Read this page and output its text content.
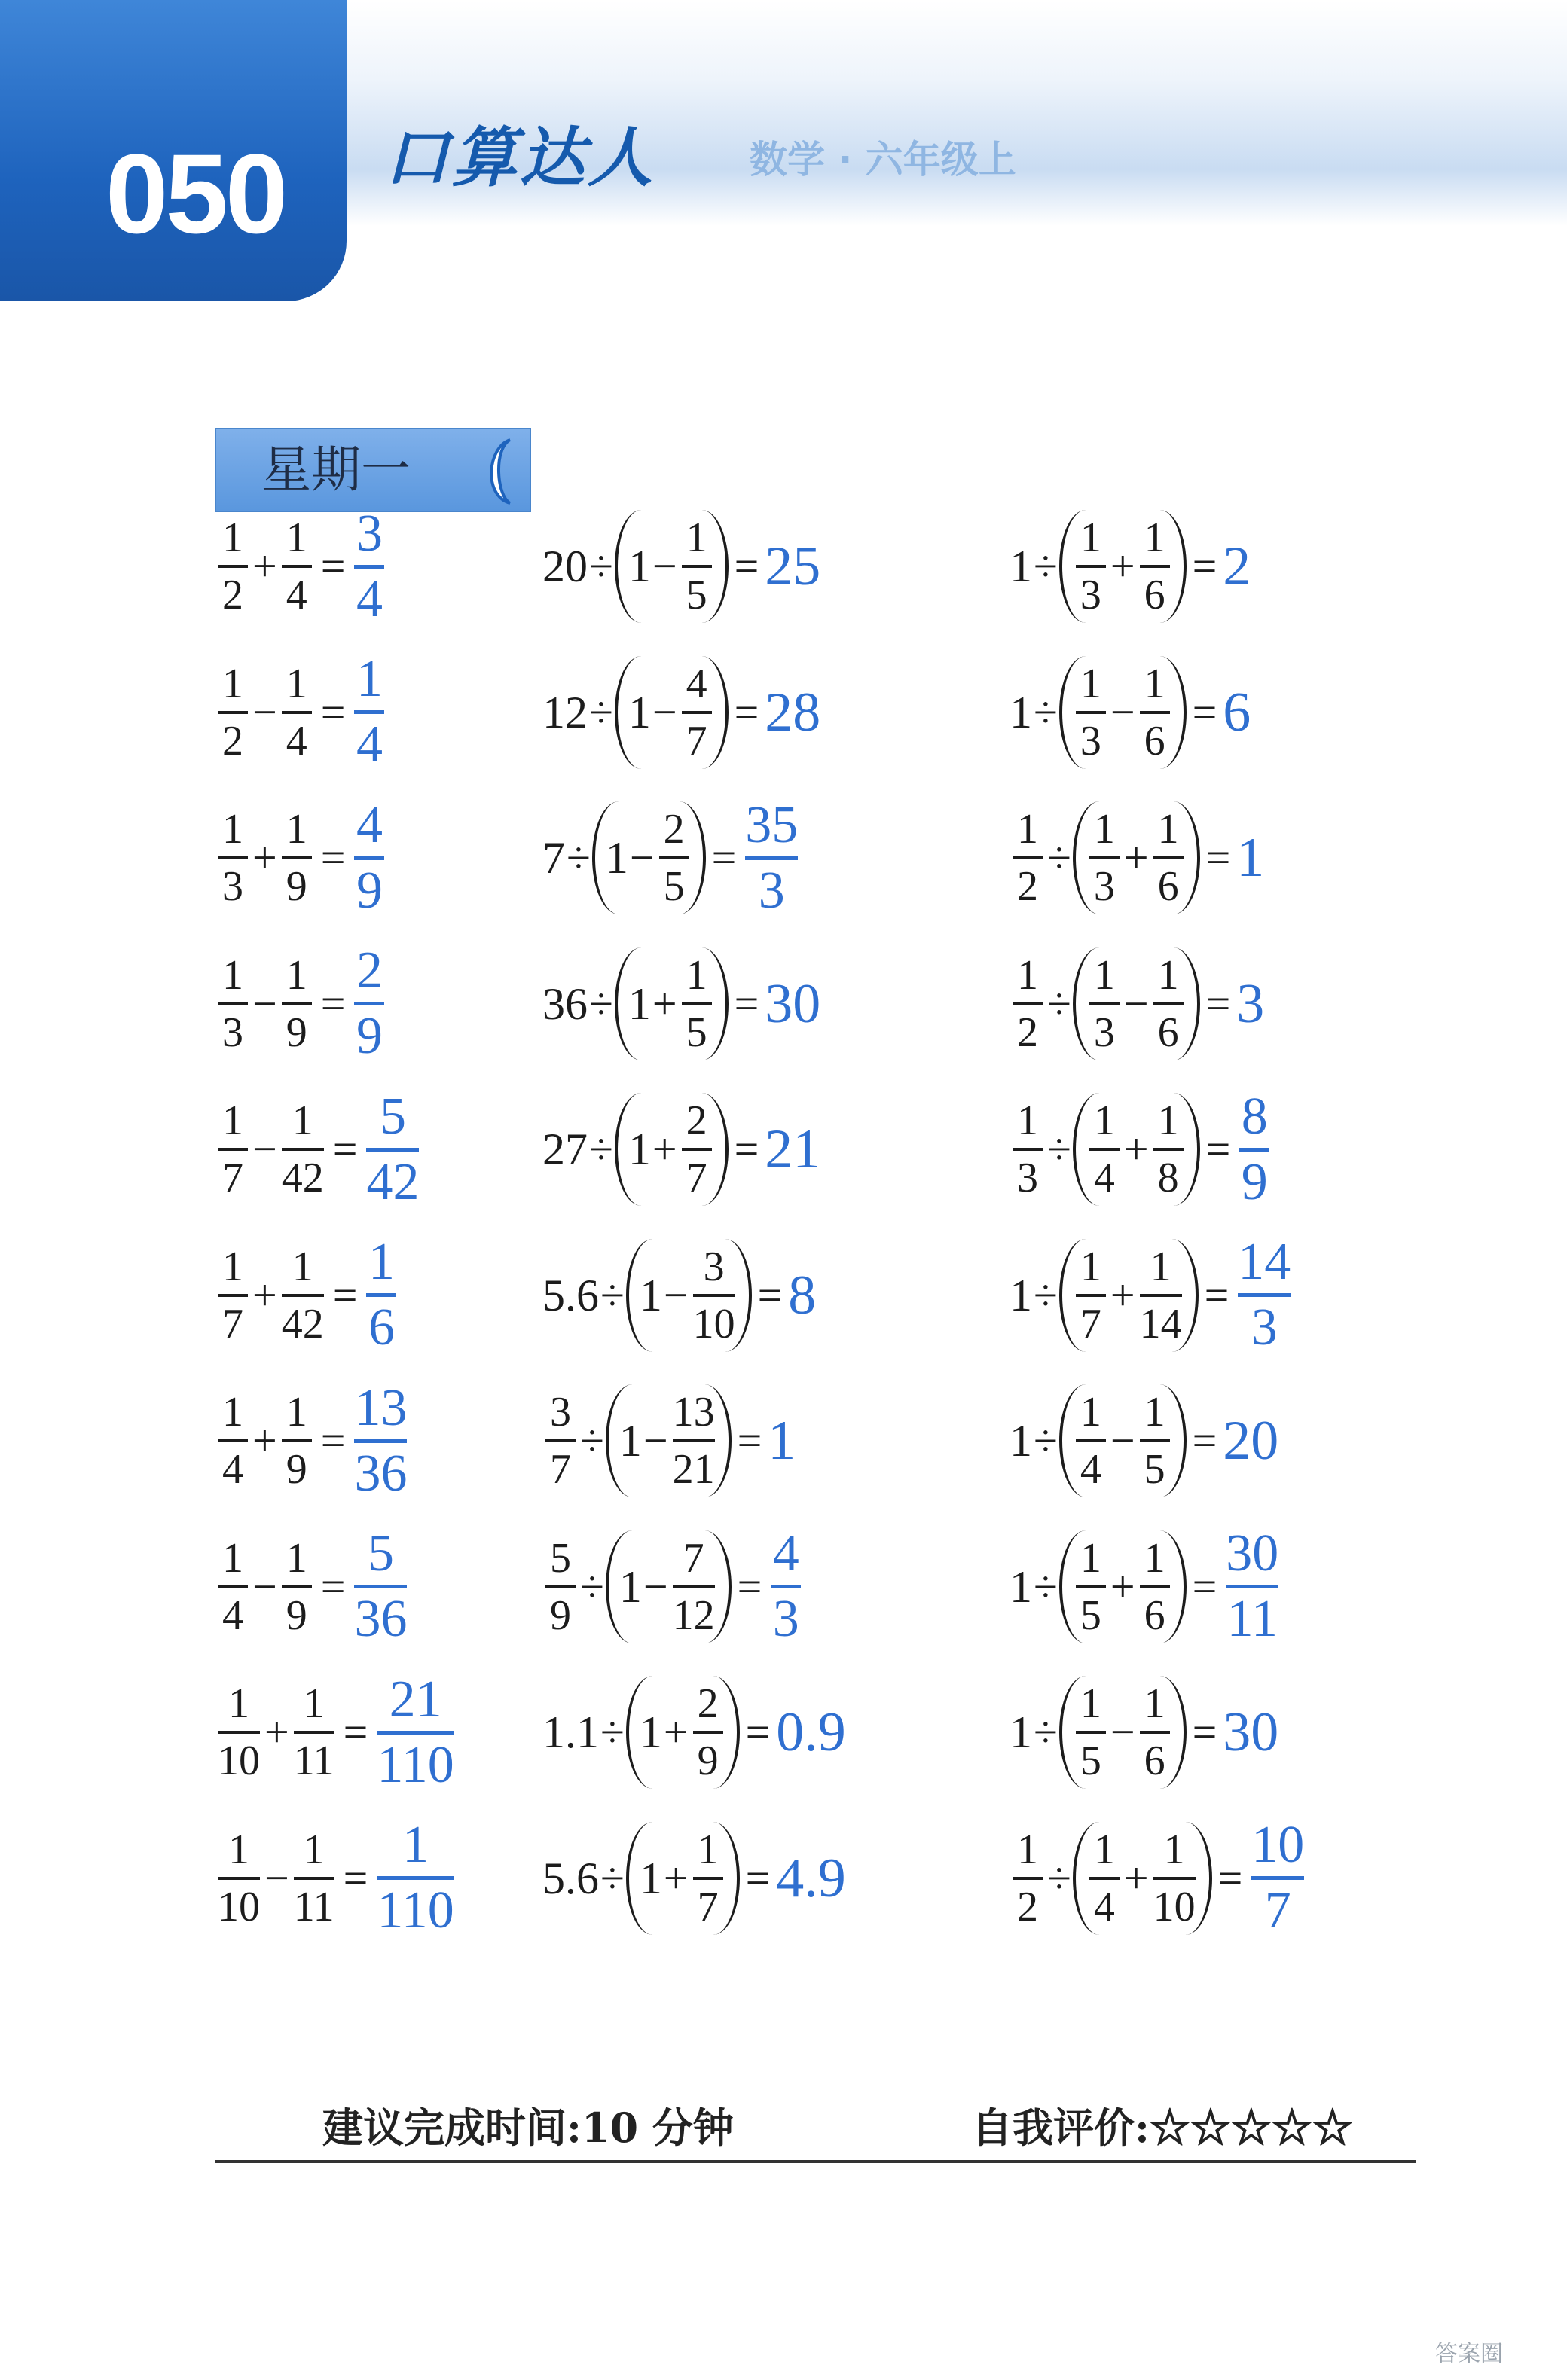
050 口算达人	数学 · 六年级上
星期一
$\frac{1}{2} + \frac{1}{4}$ =
3
4
$\frac{1}{2} - \frac{1}{4}$ =
1
4
$\frac{1}{3} + \frac{1}{9}$ =
4
9
$\frac{1}{3} - \frac{1}{9}$ =
2
9
$\frac{1}{7} - \frac{1}{42}$ =
5
42
$\frac{1}{7} + \frac{1}{42}$ =
1
6
$\frac{1}{4} + \frac{1}{9}$ =
13
36
$\frac{1}{4} - \frac{1}{9}$ =
5
36
$\frac{1}{10} + \frac{1}{11}$ =
21
110
$\frac{1}{10} - \frac{1}{11}$ =
1
110
$20 \div 1 - \frac{1}{5} = 25$
$12 \div 1 - \frac{4}{7} = 28$
$7 \div 1 - \frac{2}{5}$ =
35
3
$36 \div 1 + \frac{1}{5} = 30$
$27 \div 1 + \frac{2}{7} = 21$
$5.6 \div 1 - \frac{3}{10} = 8$
$\frac{3}{7} \div 1 - \frac{13}{21} = 1$
$\frac{5}{9} \div 1 - \frac{7}{12}$ =
4
3
$1.1 \div 1 + \frac{2}{9} = 0.9$
$5.6 \div 1 + \frac{1}{7} = 4.9$
$1 \div \frac{1}{3} + \frac{1}{6} = 2$
$1 \div \frac{1}{3} - \frac{1}{6} = 6$
$\frac{1}{2} \div \frac{1}{3} + \frac{1}{6} = 1$
$\frac{1}{2} \div \frac{1}{3} - \frac{1}{6} = 3$
$\frac{1}{3} \div \frac{1}{4} + \frac{1}{8}$ =
8
9
$1 \div \frac{1}{7} + \frac{1}{14}$ =
14
3
$1 \div \frac{1}{4} - \frac{1}{5} = 20$
$1 \div \frac{1}{5} + \frac{1}{6}$ =
30
11
$1 \div \frac{1}{5} - \frac{1}{6} = 30$
$\frac{1}{2} \div \frac{1}{4} + \frac{1}{10}$ =
10
7
建议完成时间:10 分钟	自我评价:☆☆☆☆☆
答案圈
